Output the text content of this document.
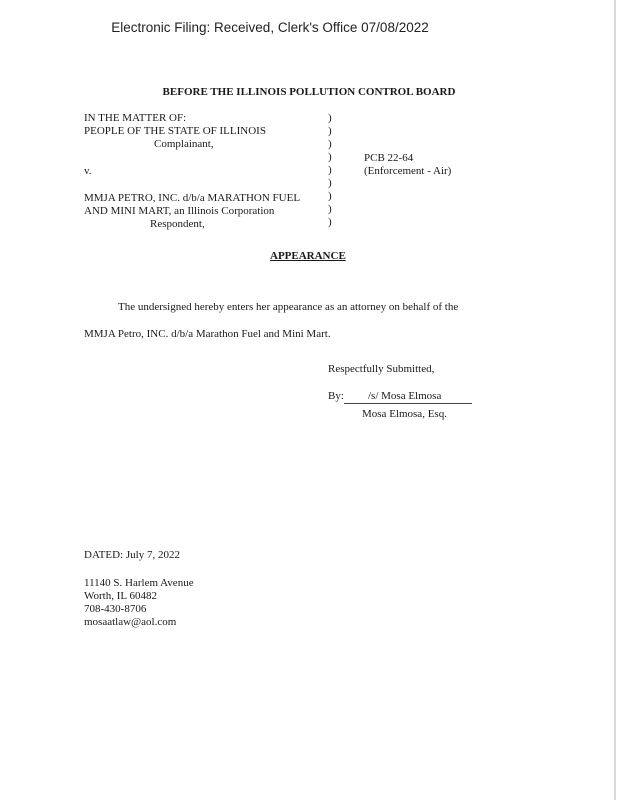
Electronic Filing: Received, Clerk's Office 07/08/2022
BEFORE THE ILLINOIS POLLUTION CONTROL BOARD
IN THE MATTER OF:
PEOPLE OF THE STATE OF ILLINOIS
Complainant,
v.
MMJA PETRO, INC. d/b/a MARATHON FUEL
AND MINI MART, an Illinois Corporation
Respondent,
)
)
)
)
)
)
)
)
)
PCB 22-64
(Enforcement - Air)
APPEARANCE
The undersigned hereby enters her appearance as an attorney on behalf of the
MMJA Petro, INC. d/b/a Marathon Fuel and Mini Mart.
Respectfully Submitted,
By: /s/ Mosa Elmosa
Mosa Elmosa, Esq.
DATED: July 7, 2022
11140 S. Harlem Avenue
Worth, IL 60482
708-430-8706
mosaatlaw@aol.com
